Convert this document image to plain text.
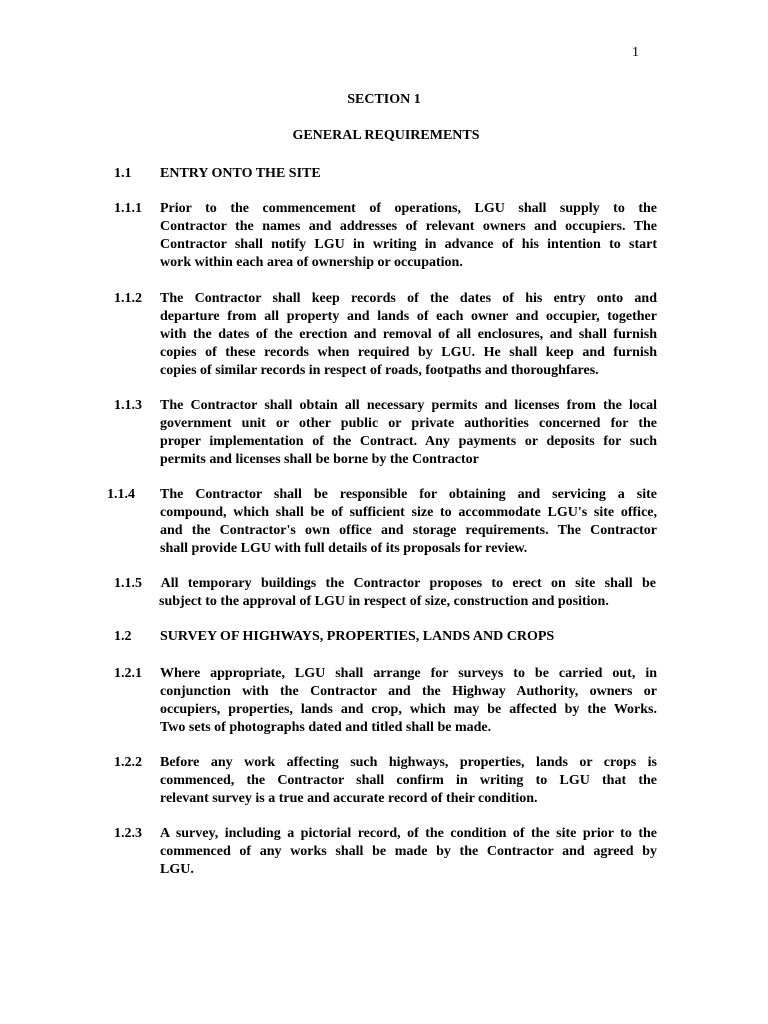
1
SECTION 1
GENERAL REQUIREMENTS
1.1 ENTRY ONTO THE SITE
1.1.1 Prior to the commencement of operations, LGU shall supply to the
Contractor the names and addresses of relevant owners and occupiers. The
Contractor shall notify LGU in writing in advance of his intention to start
work within each area of ownership or occupation.
1.1.2 The Contractor shall keep records of the dates of his entry onto and
departure from all property and lands of each owner and occupier, together
with the dates of the erection and removal of all enclosures, and shall furnish
copies of these records when required by LGU. He shall keep and furnish
copies of similar records in respect of roads, footpaths and thoroughfares.
1.1.3 The Contractor shall obtain all necessary permits and licenses from the local
government unit or other public or private authorities concerned for the
proper implementation of the Contract. Any payments or deposits for such
permits and licenses shall be borne by the Contractor
1.1.4 The Contractor shall be responsible for obtaining and servicing a site
compound, which shall be of sufficient size to accommodate LGU's site office,
and the Contractor's own office and storage requirements. The Contractor
shall provide LGU with full details of its proposals for review.
1.1.5 All temporary buildings the Contractor proposes to erect on site shall be
subject to the approval of LGU in respect of size, construction and position.
1.2 SURVEY OF HIGHWAYS, PROPERTIES, LANDS AND CROPS
1.2.1 Where appropriate, LGU shall arrange for surveys to be carried out, in
conjunction with the Contractor and the Highway Authority, owners or
occupiers, properties, lands and crop, which may be affected by the Works.
Two sets of photographs dated and titled shall be made.
1.2.2 Before any work affecting such highways, properties, lands or crops is
commenced, the Contractor shall confirm in writing to LGU that the
relevant survey is a true and accurate record of their condition.
1.2.3 A survey, including a pictorial record, of the condition of the site prior to the
commenced of any works shall be made by the Contractor and agreed by
LGU.
